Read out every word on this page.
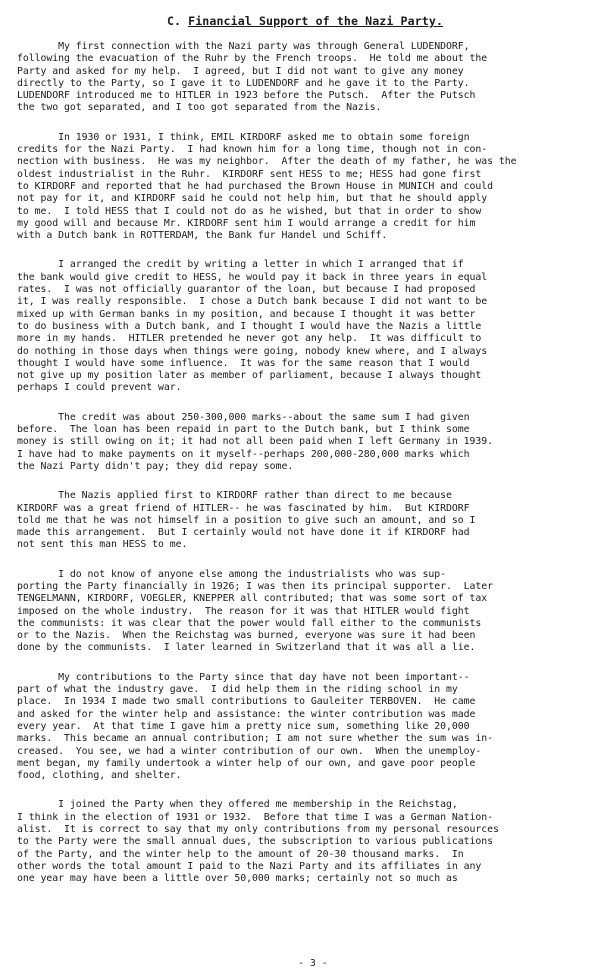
C. Financial Support of the Nazi Party.
My first connection with the Nazi party was through General LUDENDORF,
following the evacuation of the Ruhr by the French troops.  He told me about the
Party and asked for my help.  I agreed, but I did not want to give any money
directly to the Party, so I gave it to LUDENDORF and he gave it to the Party.
LUDENDORF introduced me to HITLER in 1923 before the Putsch.  After the Putsch
the two got separated, and I too got separated from the Nazis.
In 1930 or 1931, I think, EMIL KIRDORF asked me to obtain some foreign
credits for the Nazi Party.  I had known him for a long time, though not in con-
nection with business.  He was my neighbor.  After the death of my father, he was the
oldest industrialist in the Ruhr.  KIRDORF sent HESS to me; HESS had gone first
to KIRDORF and reported that he had purchased the Brown House in MUNICH and could
not pay for it, and KIRDORF said he could not help him, but that he should apply
to me.  I told HESS that I could not do as he wished, but that in order to show
my good will and because Mr. KIRDORF sent him I would arrange a credit for him
with a Dutch bank in ROTTERDAM, the Bank fur Handel und Schiff.
I arranged the credit by writing a letter in which I arranged that if
the bank would give credit to HESS, he would pay it back in three years in equal
rates.  I was not officially guarantor of the loan, but because I had proposed
it, I was really responsible.  I chose a Dutch bank because I did not want to be
mixed up with German banks in my position, and because I thought it was better
to do business with a Dutch bank, and I thought I would have the Nazis a little
more in my hands.  HITLER pretended he never got any help.  It was difficult to
do nothing in those days when things were going, nobody knew where, and I always
thought I would have some influence.  It was for the same reason that I would
not give up my position later as member of parliament, because I always thought
perhaps I could prevent war.
The credit was about 250-300,000 marks--about the same sum I had given
before.  The loan has been repaid in part to the Dutch bank, but I think some
money is still owing on it; it had not all been paid when I left Germany in 1939.
I have had to make payments on it myself--perhaps 200,000-280,000 marks which
the Nazi Party didn't pay; they did repay some.
The Nazis applied first to KIRDORF rather than direct to me because
KIRDORF was a great friend of HITLER-- he was fascinated by him.  But KIRDORF
told me that he was not himself in a position to give such an amount, and so I
made this arrangement.  But I certainly would not have done it if KIRDORF had
not sent this man HESS to me.
I do not know of anyone else among the industrialists who was sup-
porting the Party financially in 1926; I was then its principal supporter.  Later
TENGELMANN, KIRDORF, VOEGLER, KNEPPER all contributed; that was some sort of tax
imposed on the whole industry.  The reason for it was that HITLER would fight
the communists: it was clear that the power would fall either to the communists
or to the Nazis.  When the Reichstag was burned, everyone was sure it had been
done by the communists.  I later learned in Switzerland that it was all a lie.
My contributions to the Party since that day have not been important--
part of what the industry gave.  I did help them in the riding school in my
place.  In 1934 I made two small contributions to Gauleiter TERBOVEN.  He came
and asked for the winter help and assistance: the winter contribution was made
every year.  At that time I gave him a pretty nice sum, something like 20,000
marks.  This became an annual contribution; I am not sure whether the sum was in-
creased.  You see, we had a winter contribution of our own.  When the unemploy-
ment began, my family undertook a winter help of our own, and gave poor people
food, clothing, and shelter.
I joined the Party when they offered me membership in the Reichstag,
I think in the election of 1931 or 1932.  Before that time I was a German Nation-
alist.  It is correct to say that my only contributions from my personal resources
to the Party were the small annual dues, the subscription to various publications
of the Party, and the winter help to the amount of 20-30 thousand marks.  In
other words the total amount I paid to the Nazi Party and its affiliates in any
one year may have been a little over 50,000 marks; certainly not so much as
- 3 -
